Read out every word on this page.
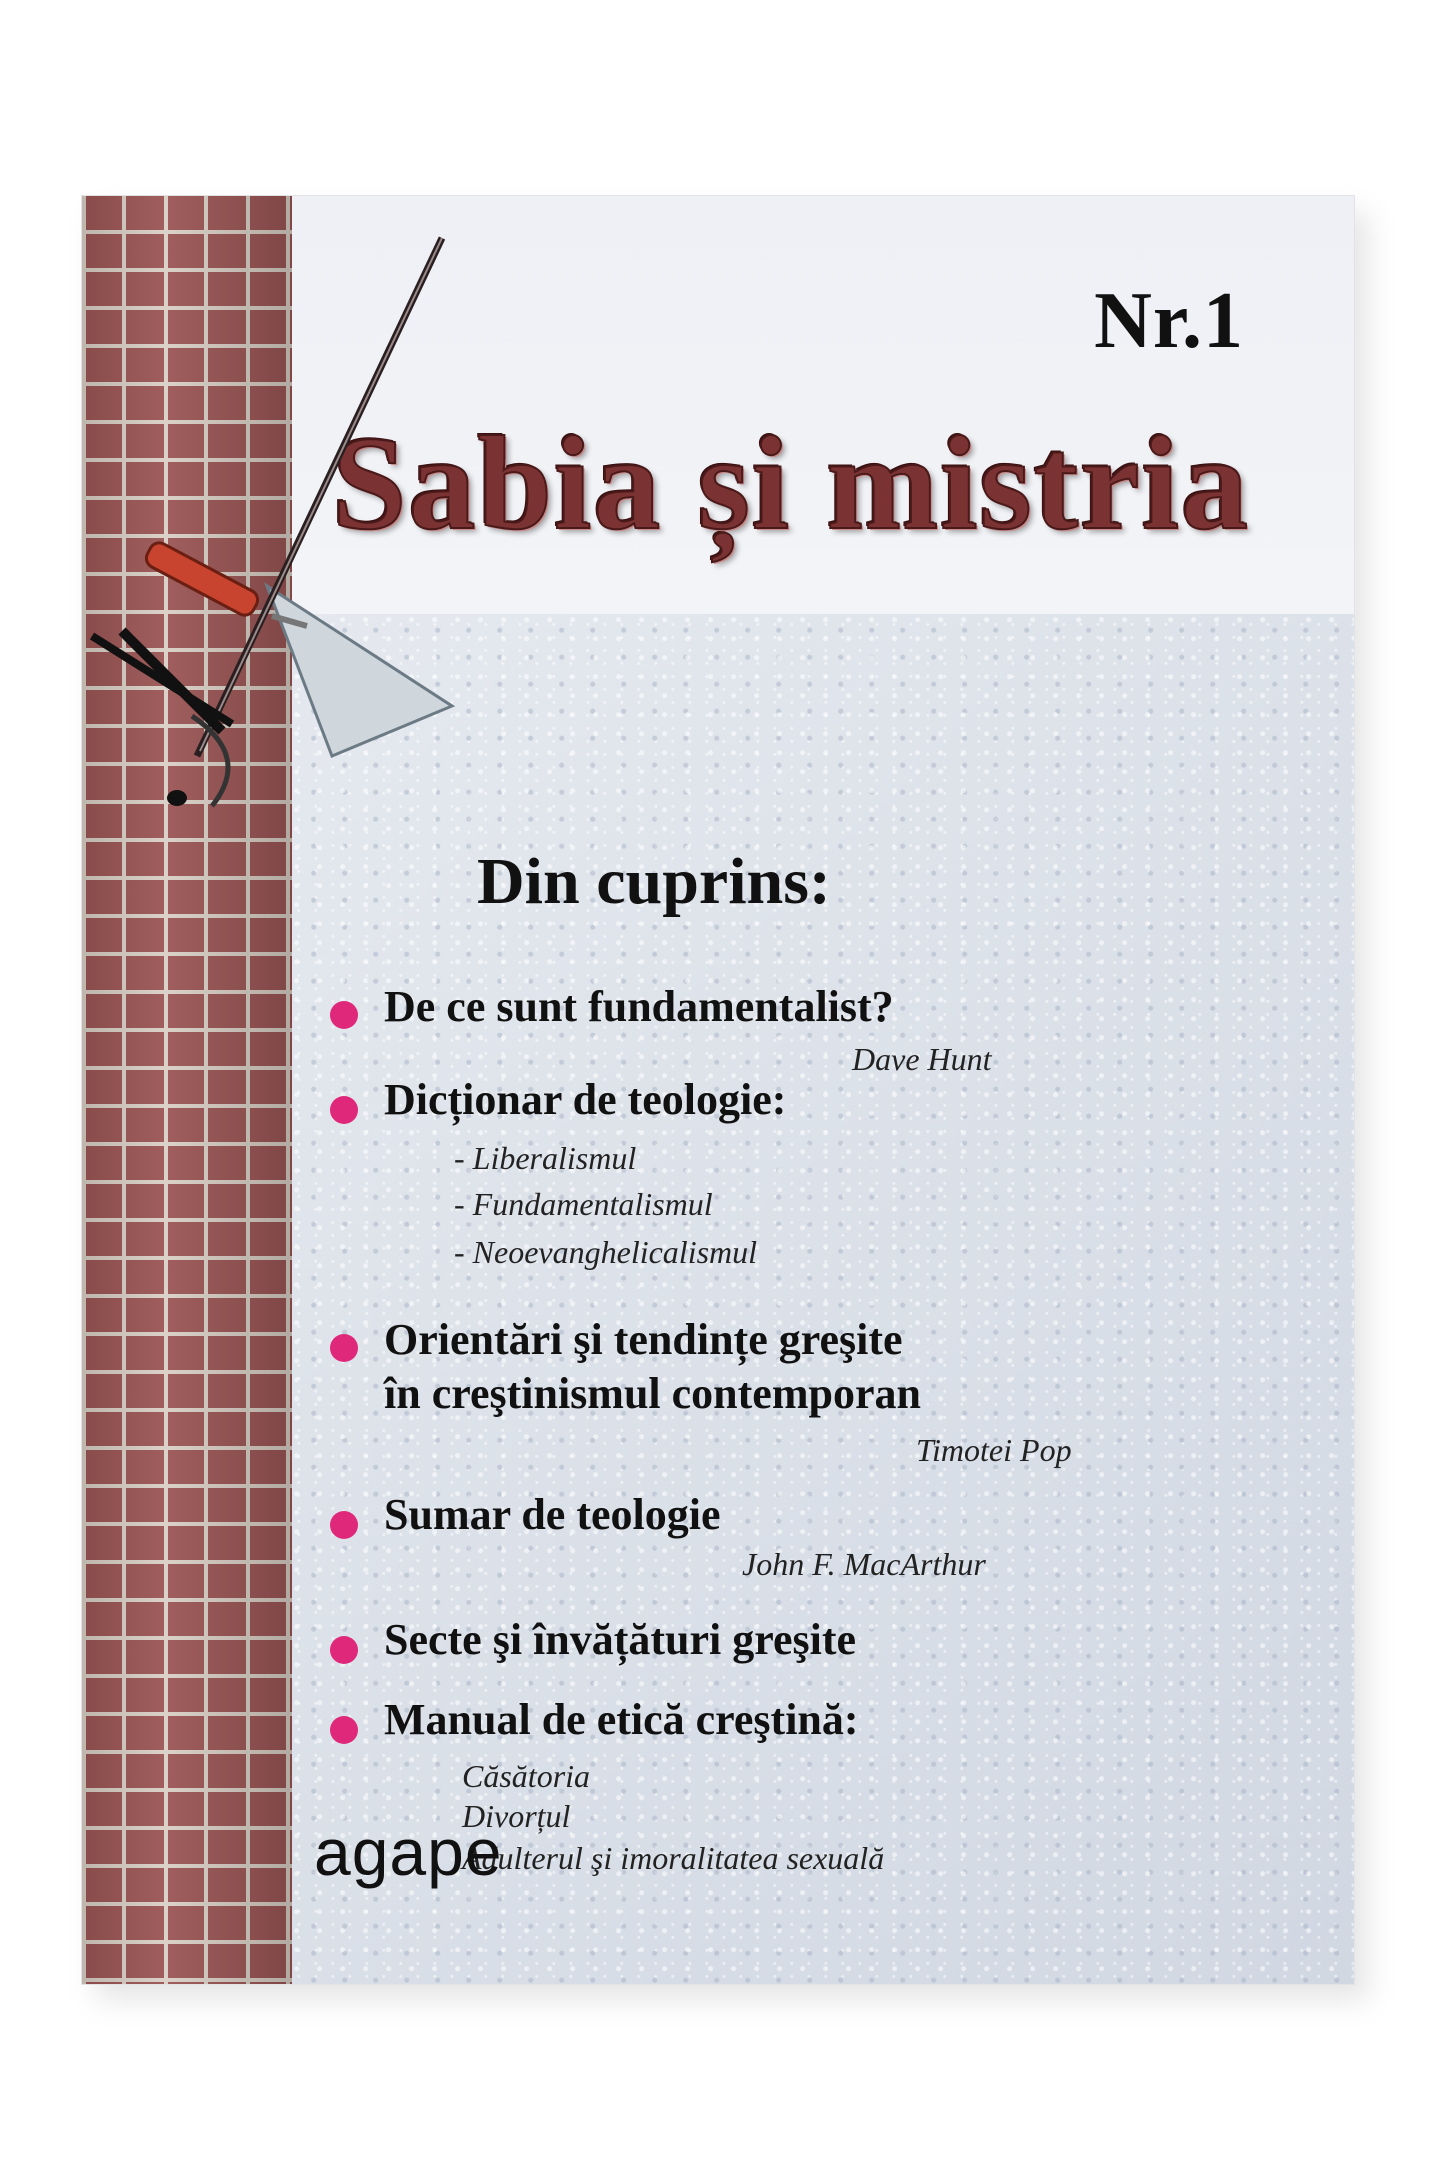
Nr.1
Sabia și mistria
Din cuprins:
De ce sunt fundamentalist?
Dave Hunt
Dicționar de teologie:
- Liberalismul
- Fundamentalismul
- Neoevanghelicalismul
Orientări şi tendințe greşite
în creştinismul contemporan
Timotei Pop
Sumar de teologie
John F. MacArthur
Secte şi învățături greşite
Manual de etică creştină:
Căsătoria
Divorțul
Adulterul şi imoralitatea sexuală
agape
